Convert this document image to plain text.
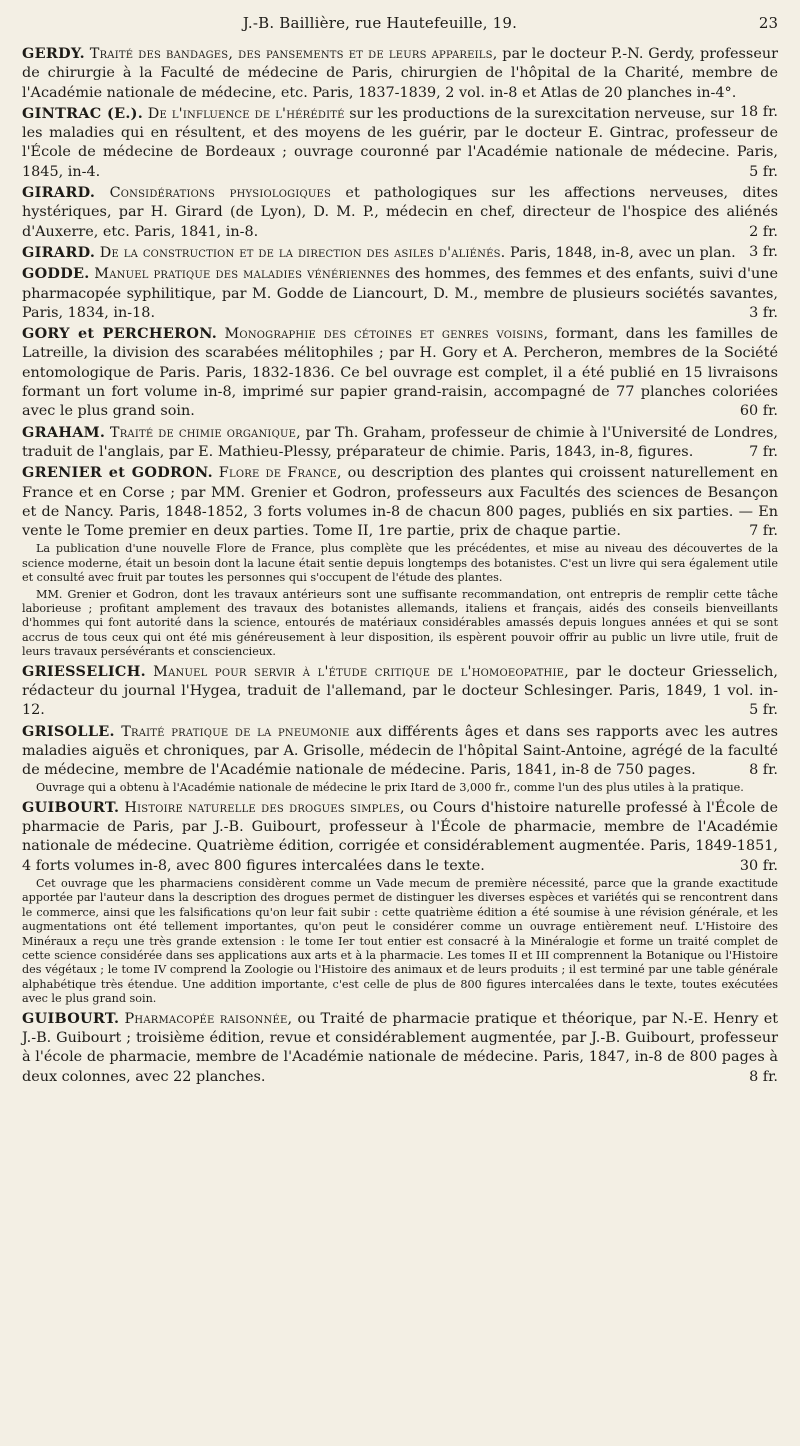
J.-B. Baillière, rue Hautefeuille, 19.	23

GERDY. Traité des bandages, des pansements et de leurs appareils, par le docteur P.-N. Gerdy, professeur de chirurgie à la Faculté de médecine de Paris, chirurgien de l'hôpital de la Charité, membre de l'Académie nationale de médecine, etc. Paris, 1837-1839, 2 vol. in-8 et Atlas de 20 planches in-4°.
18 fr.

GINTRAC (E.). De l'influence de l'hérédité sur les productions de la surexcitation nerveuse, sur les maladies qui en résultent, et des moyens de les guérir, par le docteur E. Gintrac, professeur de l'École de médecine de Bordeaux ; ouvrage couronné par l'Académie nationale de médecine. Paris, 1845, in-4.	5 fr.

GIRARD. Considérations physiologiques et pathologiques sur les affections nerveuses, dites hystériques, par H. Girard (de Lyon), D. M. P., médecin en chef, directeur de l'hospice des aliénés d'Auxerre, etc. Paris, 1841, in-8.	2 fr.

GIRARD. De la construction et de la direction des asiles d'aliénés. Paris, 1848, in-8, avec un plan. 3 fr.

GODDE. Manuel pratique des maladies vénériennes des hommes, des femmes et des enfants, suivi d'une pharmacopée syphilitique, par M. Godde de Liancourt, D. M., membre de plusieurs sociétés savantes, Paris, 1834, in-18.	3 fr.

GORY et PERCHERON. Monographie des cétoines et genres voisins, formant, dans les familles de Latreille, la division des scarabées mélitophiles ; par H. Gory et A. Percheron, membres de la Société entomologique de Paris. Paris, 1832-1836. Ce bel ouvrage est complet, il a été publié en 15 livraisons formant un fort volume in-8, imprimé sur papier grand-raisin, accompagné de 77 planches coloriées avec le plus grand soin.	60 fr.

GRAHAM. Traité de chimie organique, par Th. Graham, professeur de chimie à l'Université de Londres, traduit de l'anglais, par E. Mathieu-Plessy, préparateur de chimie. Paris, 1843, in-8, figures.	7 fr.

GRENIER et GODRON. Flore de France, ou description des plantes qui croissent naturellement en France et en Corse ; par MM. Grenier et Godron, professeurs aux Facultés des sciences de Besançon et de Nancy. Paris, 1848-1852, 3 forts volumes in-8 de chacun 800 pages, publiés en six parties. — En vente le Tome premier en deux parties. Tome II, 1re partie, prix de chaque partie.	7 fr.

La publication d'une nouvelle Flore de France, plus complète que les précédentes, et mise au niveau des découvertes de la science moderne, était un besoin dont la lacune était sentie depuis longtemps des botanistes. C'est un livre qui sera également utile et consulté avec fruit par toutes les personnes qui s'occupent de l'étude des plantes.

MM. Grenier et Godron, dont les travaux antérieurs sont une suffisante recommandation, ont entrepris de remplir cette tâche laborieuse ; profitant amplement des travaux des botanistes allemands, italiens et français, aidés des conseils bienveillants d'hommes qui font autorité dans la science, entourés de matériaux considérables amassés depuis longues années et qui se sont accrus de tous ceux qui ont été mis généreusement à leur disposition, ils espèrent pouvoir offrir au public un livre utile, fruit de leurs travaux persévérants et consciencieux.

GRIESSELICH. Manuel pour servir à l'étude critique de l'homoeopathie, par le docteur Griesselich, rédacteur du journal l'Hygea, traduit de l'allemand, par le docteur Schlesinger. Paris, 1849, 1 vol. in-12.	5 fr.

GRISOLLE. Traité pratique de la pneumonie aux différents âges et dans ses rapports avec les autres maladies aiguës et chroniques, par A. Grisolle, médecin de l'hôpital Saint-Antoine, agrégé de la faculté de médecine, membre de l'Académie nationale de médecine. Paris, 1841, in-8 de 750 pages.	8 fr.

Ouvrage qui a obtenu à l'Académie nationale de médecine le prix Itard de 3,000 fr., comme l'un des plus utiles à la pratique.

GUIBOURT. Histoire naturelle des drogues simples, ou Cours d'histoire naturelle professé à l'École de pharmacie de Paris, par J.-B. Guibourt, professeur à l'École de pharmacie, membre de l'Académie nationale de médecine. Quatrième édition, corrigée et considérablement augmentée. Paris, 1849-1851, 4 forts volumes in-8, avec 800 figures intercalées dans le texte.	30 fr.

Cet ouvrage que les pharmaciens considèrent comme un Vade mecum de première nécessité, parce que la grande exactitude apportée par l'auteur dans la description des drogues permet de distinguer les diverses espèces et variétés qui se rencontrent dans le commerce, ainsi que les falsifications qu'on leur fait subir : cette quatrième édition a été soumise à une révision générale, et les augmentations ont été tellement importantes, qu'on peut le considérer comme un ouvrage entièrement neuf. L'Histoire des Minéraux a reçu une très grande extension : le tome Ier tout entier est consacré à la Minéralogie et forme un traité complet de cette science considérée dans ses applications aux arts et à la pharmacie. Les tomes II et III comprennent la Botanique ou l'Histoire des végétaux ; le tome IV comprend la Zoologie ou l'Histoire des animaux et de leurs produits ; il est terminé par une table générale alphabétique très étendue. Une addition importante, c'est celle de plus de 800 figures intercalées dans le texte, toutes exécutées avec le plus grand soin.

GUIBOURT. Pharmacopée raisonnée, ou Traité de pharmacie pratique et théorique, par N.-E. Henry et J.-B. Guibourt ; troisième édition, revue et considérablement augmentée, par J.-B. Guibourt, professeur à l'école de pharmacie, membre de l'Académie nationale de médecine. Paris, 1847, in-8 de 800 pages à deux colonnes, avec 22 planches.	8 fr.
